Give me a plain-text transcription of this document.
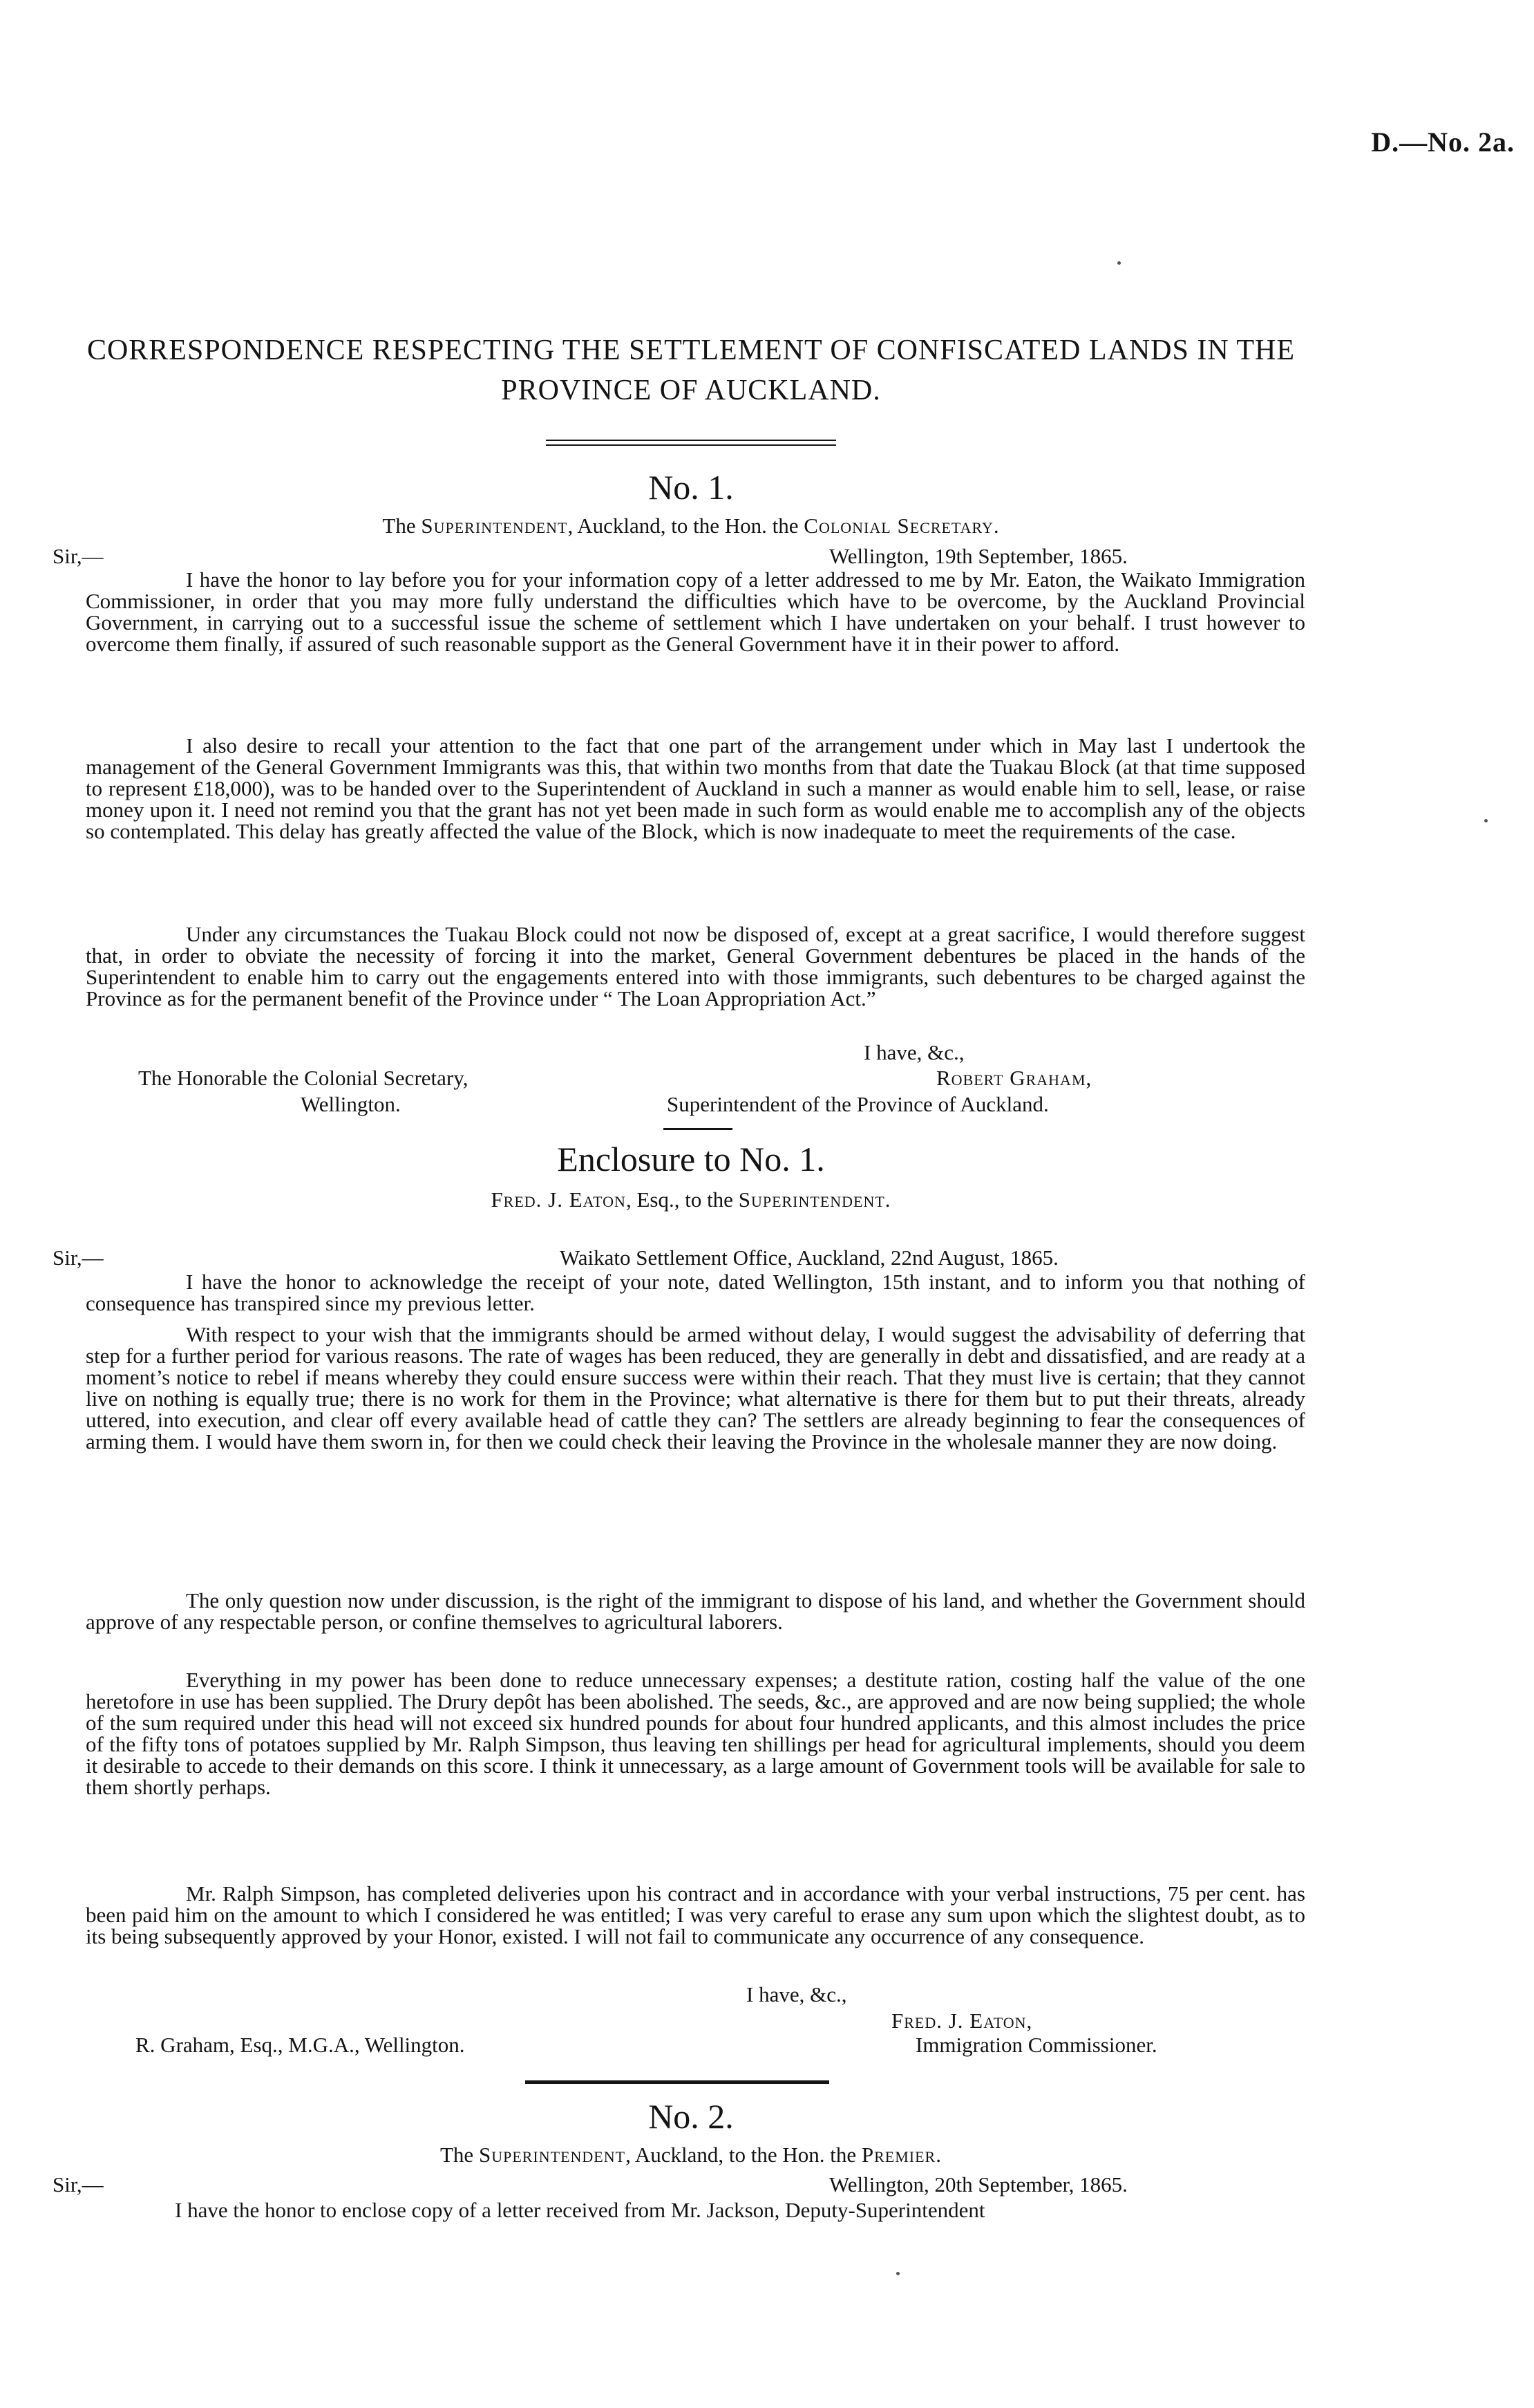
D.—No. 2a.
CORRESPONDENCE RESPECTING THE SETTLEMENT OF CONFISCATED LANDS IN THE PROVINCE OF AUCKLAND.
No. 1.
The Superintendent, Auckland, to the Hon. the Colonial Secretary.
Sir,—	Wellington, 19th September, 1865.

I have the honor to lay before you for your information copy of a letter addressed to me by Mr. Eaton, the Waikato Immigration Commissioner, in order that you may more fully understand the difficulties which have to be overcome, by the Auckland Provincial Government, in carrying out to a successful issue the scheme of settlement which I have undertaken on your behalf. I trust however to overcome them finally, if assured of such reasonable support as the General Government have it in their power to afford.

I also desire to recall your attention to the fact that one part of the arrangement under which in May last I undertook the management of the General Government Immigrants was this, that within two months from that date the Tuakau Block (at that time supposed to represent £18,000), was to be handed over to the Superintendent of Auckland in such a manner as would enable him to sell, lease, or raise money upon it. I need not remind you that the grant has not yet been made in such form as would enable me to accomplish any of the objects so contemplated. This delay has greatly affected the value of the Block, which is now inadequate to meet the requirements of the case.

Under any circumstances the Tuakau Block could not now be disposed of, except at a great sacrifice, I would therefore suggest that, in order to obviate the necessity of forcing it into the market, General Government debentures be placed in the hands of the Superintendent to enable him to carry out the engagements entered into with those immigrants, such debentures to be charged against the Province as for the permanent benefit of the Province under “ The Loan Appropriation Act.”

I have, &c.,
The Honorable the Colonial Secretary,	Robert Graham,
Wellington.	Superintendent of the Province of Auckland.
Enclosure to No. 1.
Fred. J. Eaton, Esq., to the Superintendent.
Sir,—	Waikato Settlement Office, Auckland, 22nd August, 1865.

I have the honor to acknowledge the receipt of your note, dated Wellington, 15th instant, and to inform you that nothing of consequence has transpired since my previous letter.

With respect to your wish that the immigrants should be armed without delay, I would suggest the advisability of deferring that step for a further period for various reasons. The rate of wages has been reduced, they are generally in debt and dissatisfied, and are ready at a moment’s notice to rebel if means whereby they could ensure success were within their reach. That they must live is certain; that they cannot live on nothing is equally true; there is no work for them in the Province; what alternative is there for them but to put their threats, already uttered, into execution, and clear off every available head of cattle they can? The settlers are already beginning to fear the consequences of arming them. I would have them sworn in, for then we could check their leaving the Province in the wholesale manner they are now doing.

The only question now under discussion, is the right of the immigrant to dispose of his land, and whether the Government should approve of any respectable person, or confine themselves to agricultural laborers.

Everything in my power has been done to reduce unnecessary expenses; a destitute ration, costing half the value of the one heretofore in use has been supplied. The Drury depôt has been abolished. The seeds, &c., are approved and are now being supplied; the whole of the sum required under this head will not exceed six hundred pounds for about four hundred applicants, and this almost includes the price of the fifty tons of potatoes supplied by Mr. Ralph Simpson, thus leaving ten shillings per head for agricultural implements, should you deem it desirable to accede to their demands on this score. I think it unnecessary, as a large amount of Government tools will be available for sale to them shortly perhaps.

Mr. Ralph Simpson, has completed deliveries upon his contract and in accordance with your verbal instructions, 75 per cent. has been paid him on the amount to which I considered he was entitled; I was very careful to erase any sum upon which the slightest doubt, as to its being subsequently approved by your Honor, existed. I will not fail to communicate any occurrence of any consequence.

I have, &c.,
Fred. J. Eaton,
R. Graham, Esq., M.G.A., Wellington.	Immigration Commissioner.
No. 2.
The Superintendent, Auckland, to the Hon. the Premier.
Sir,—	Wellington, 20th September, 1865.
I have the honor to enclose copy of a letter received from Mr. Jackson, Deputy-Superintendent
